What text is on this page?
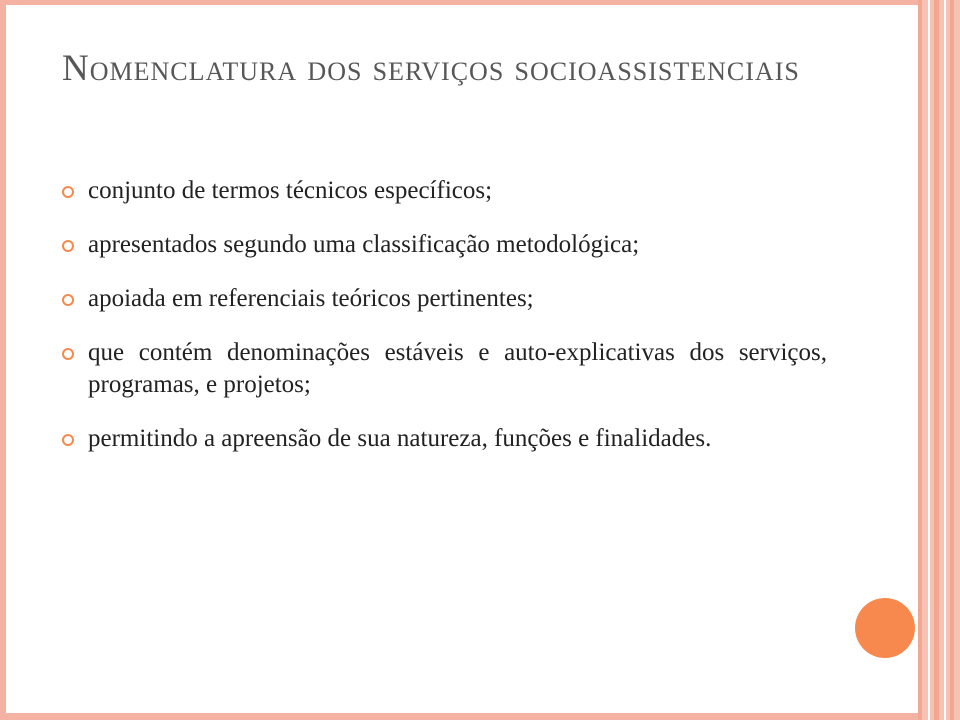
Nomenclatura dos serviços socioassistenciais
conjunto de termos técnicos específicos;
apresentados segundo uma classificação metodológica;
apoiada em referenciais teóricos pertinentes;
que contém denominações estáveis e auto-explicativas dos serviços, programas, e projetos;
permitindo a apreensão de sua natureza, funções e finalidades.
